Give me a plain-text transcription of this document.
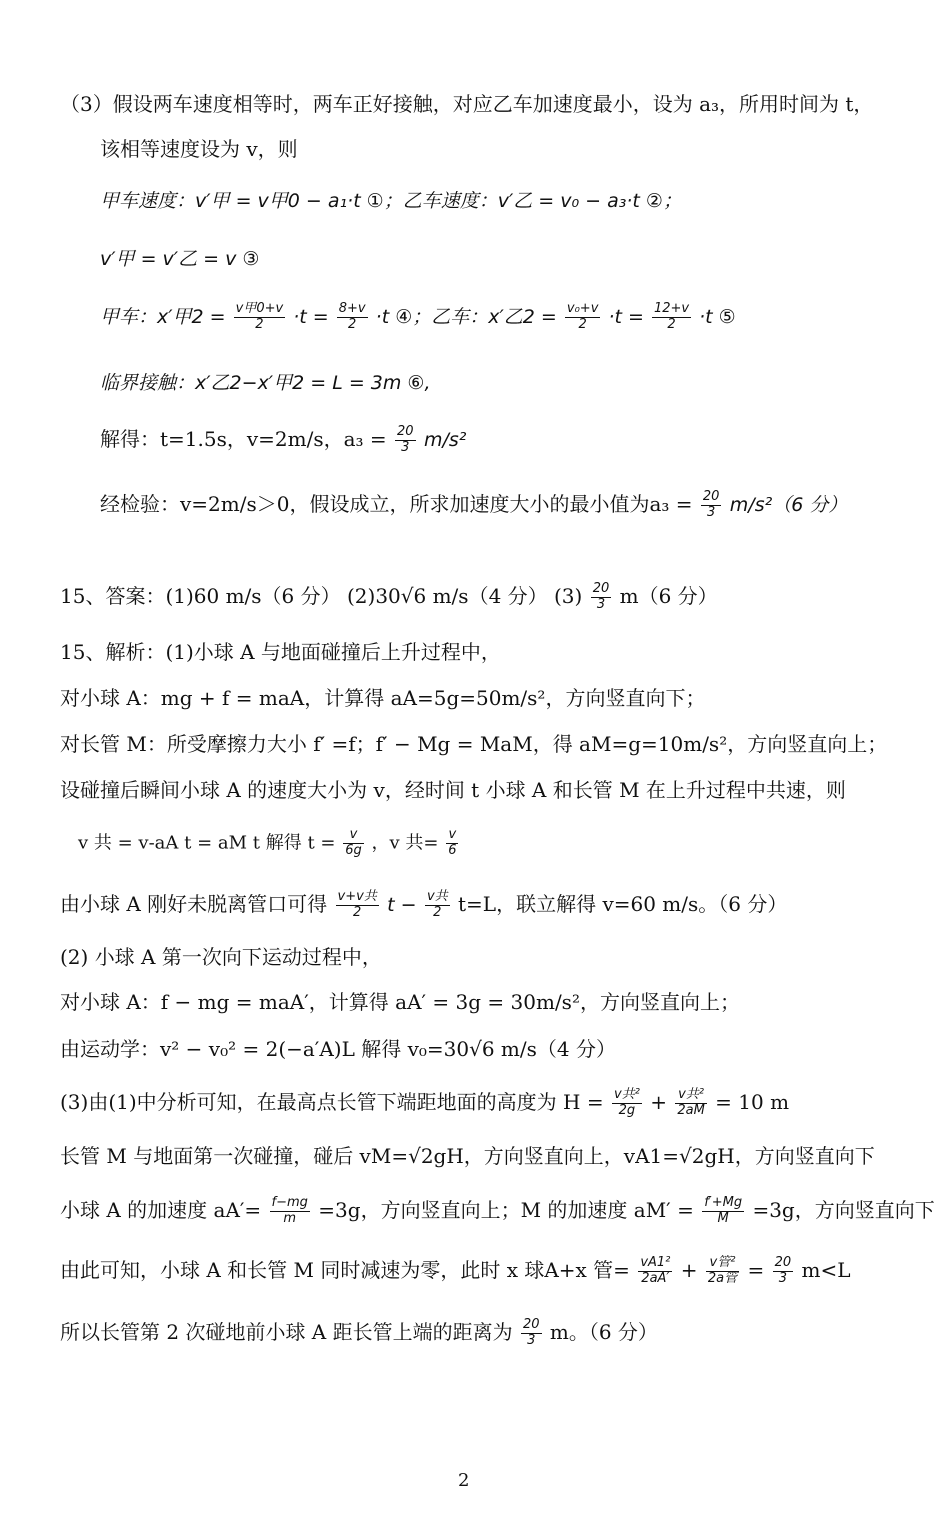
（3）假设两车速度相等时，两车正好接触，对应乙车加速度最小，设为 a₃，所用时间为 t，
该相等速度设为 v，则
甲车速度：v′甲 = v甲0 − a₁·t ①；乙车速度：v′乙 = v₀ − a₃·t ②；
v′甲 = v′乙 = v ③
甲车：x′甲$2 = \frac{\text{v甲0+v}}{2} \cdot t = \frac{8+v}{2} \cdot t$ ④；乙车：x′乙$2 = \frac{\text{v₀+v}}{2} \cdot t = \frac{12+v}{2} \cdot t$ ⑤
临界接触：x′乙2−x′甲2 = L = 3m ⑥,
解得：t=1.5s，v=2m/s，$a_3 = \frac{20}{3} m/s^2$
经检验：v=2m/s＞0，假设成立，所求加速度大小的最小值为$a_3 = \frac{20}{3} m/s^2(6$ 分）
15、答案：(1)60 m/s（6 分） (2)30√6 m/s（4 分） $(3) \frac{20}{3} m(6$ 分）
15、解析：(1)小球 A 与地面碰撞后上升过程中，
对小球 A：mg + f = maA，计算得 aA=5g=50m/s²，方向竖直向下；
对长管 M：所受摩擦力大小 f′ =f；f′ − Mg = MaM，得 aM=g=10m/s²，方向竖直向上；
设碰撞后瞬间小球 A 的速度大小为 v，经时间 t 小球 A 和长管 M 在上升过程中共速，则
v 共 = v-aA t = aM t 解得 $t = \frac{v}{6g}$ ，v 共= $\frac{v}{6}$
由小球 A 刚好未脱离管口可得 $\frac{\text{v+v共}}{2}$ $t - \frac{\text{v共}}{2} t=L$，联立解得 v=60 m/s。（6 分）
(2) 小球 A 第一次向下运动过程中，
对小球 A：f − mg = maA′，计算得 aA′ = 3g = 30m/s²，方向竖直向上；
由运动学：v² − v₀² = 2(−a′A)L 解得 v₀=30√6 m/s（4 分）
(3)由(1)中分析可知，在最高点长管下端距地面的高度为 $H = \frac{\text{v共²}}{2g} + \frac{\text{v共²}}{2aM} = 10$ m
长管 M 与地面第一次碰撞，碰后 vM=√2gH，方向竖直向上，vA1=√2gH，方向竖直向下
小球 A 的加速度 $aA'= \frac{f-mg}{m} =3g$，方向竖直向上；M 的加速度 $aM' = \frac{f'+Mg}{M} =3g$，方向竖直向下
由此可知，小球 A 和长管 M 同时减速为零，此时 x 球A+x 管= $\frac{\text{vA1²}}{2aA'} + \frac{\text{v管²}}{\text{2a管}} = \frac{20}{3} m<L$
所以长管第 2 次碰地前小球 A 距长管上端的距离为 $\frac{20}{3}$ m。（6 分）
2
